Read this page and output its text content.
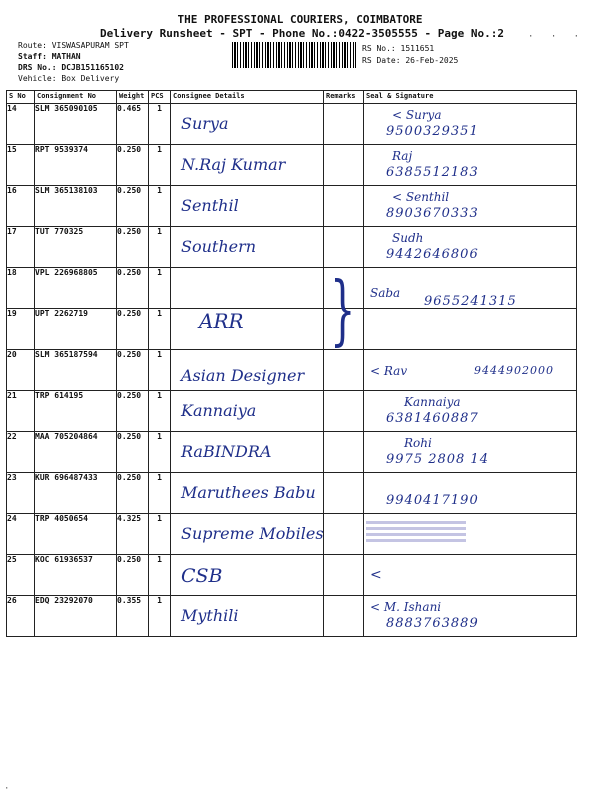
THE PROFESSIONAL COURIERS, COIMBATORE
Delivery Runsheet - SPT - Phone No.:0422-3505555 - Page No.:2	· · ·
Route: VISWASAPURAM SPT
Staff: MATHAN
DRS No.: DCJB151165102
Vehicle: Box Delivery
RS No.: 1511651
RS Date: 26-Feb-2025
S No	Consignment No	Weight	PCS	Consignee Details	Remarks	Seal & Signature
14	SLM 365090105	0.465	1	Surya		< Surya
9500329351

15	RPT 9539374	0.250	1	N.Raj Kumar		Raj
6385512183

16	SLM 365138103	0.250	1	Senthil		< Senthil
8903670333

17	TUT 770325	0.250	1	Southern		Sudh
9442646806

18	VPL 226968805	0.250	1		}	Saba
9655241315

19	UPT 2262719	0.250	1	ARR		

20	SLM 365187594	0.250	1	Asian Designer		< Rav 9444902000

21	TRP 614195	0.250	1	Kannaiya		Kannaiya
6381460887

22	MAA 705204864	0.250	1	RaBINDRA		Rohi
9975 2808 14

23	KUR 696487433	0.250	1	Maruthees Babu		9940417190

24	TRP 4050654	4.325	1	Supreme Mobiles		

25	KOC 61936537	0.250	1	CSB		<

26	EDQ 23292070	0.355	1	Mythili		< M. Ishani
8883763889
·
